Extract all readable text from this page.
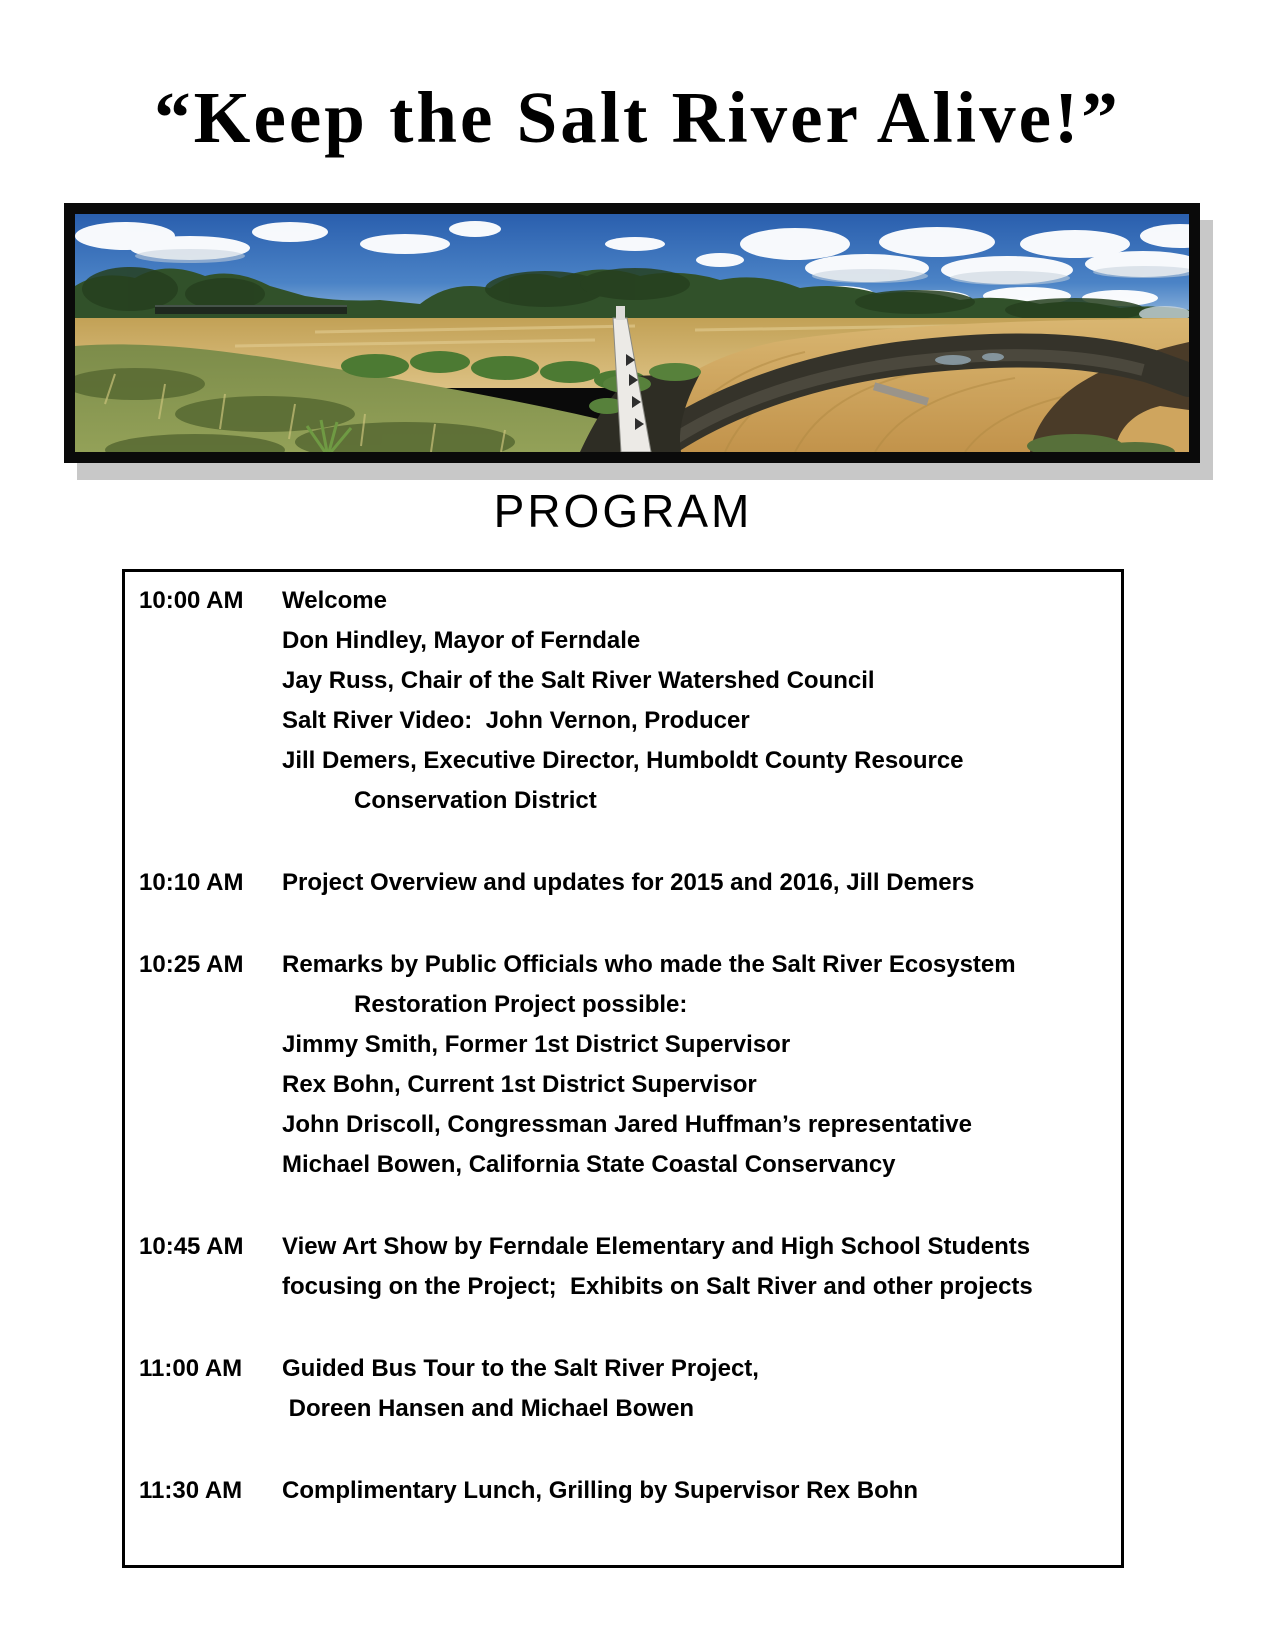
“Keep the Salt River Alive!”
PROGRAM
10:00 AM	Welcome
Don Hindley, Mayor of Ferndale
Jay Russ, Chair of the Salt River Watershed Council
Salt River Video:  John Vernon, Producer
Jill Demers, Executive Director, Humboldt County Resource
Conservation District
10:10 AM	Project Overview and updates for 2015 and 2016, Jill Demers
10:25 AM	Remarks by Public Officials who made the Salt River Ecosystem
Restoration Project possible:
Jimmy Smith, Former 1st District Supervisor
Rex Bohn, Current 1st District Supervisor
John Driscoll, Congressman Jared Huffman’s representative
Michael Bowen, California State Coastal Conservancy
10:45 AM	View Art Show by Ferndale Elementary and High School Students
focusing on the Project;  Exhibits on Salt River and other projects
11:00 AM	Guided Bus Tour to the Salt River Project,
Doreen Hansen and Michael Bowen
11:30 AM	Complimentary Lunch, Grilling by Supervisor Rex Bohn
